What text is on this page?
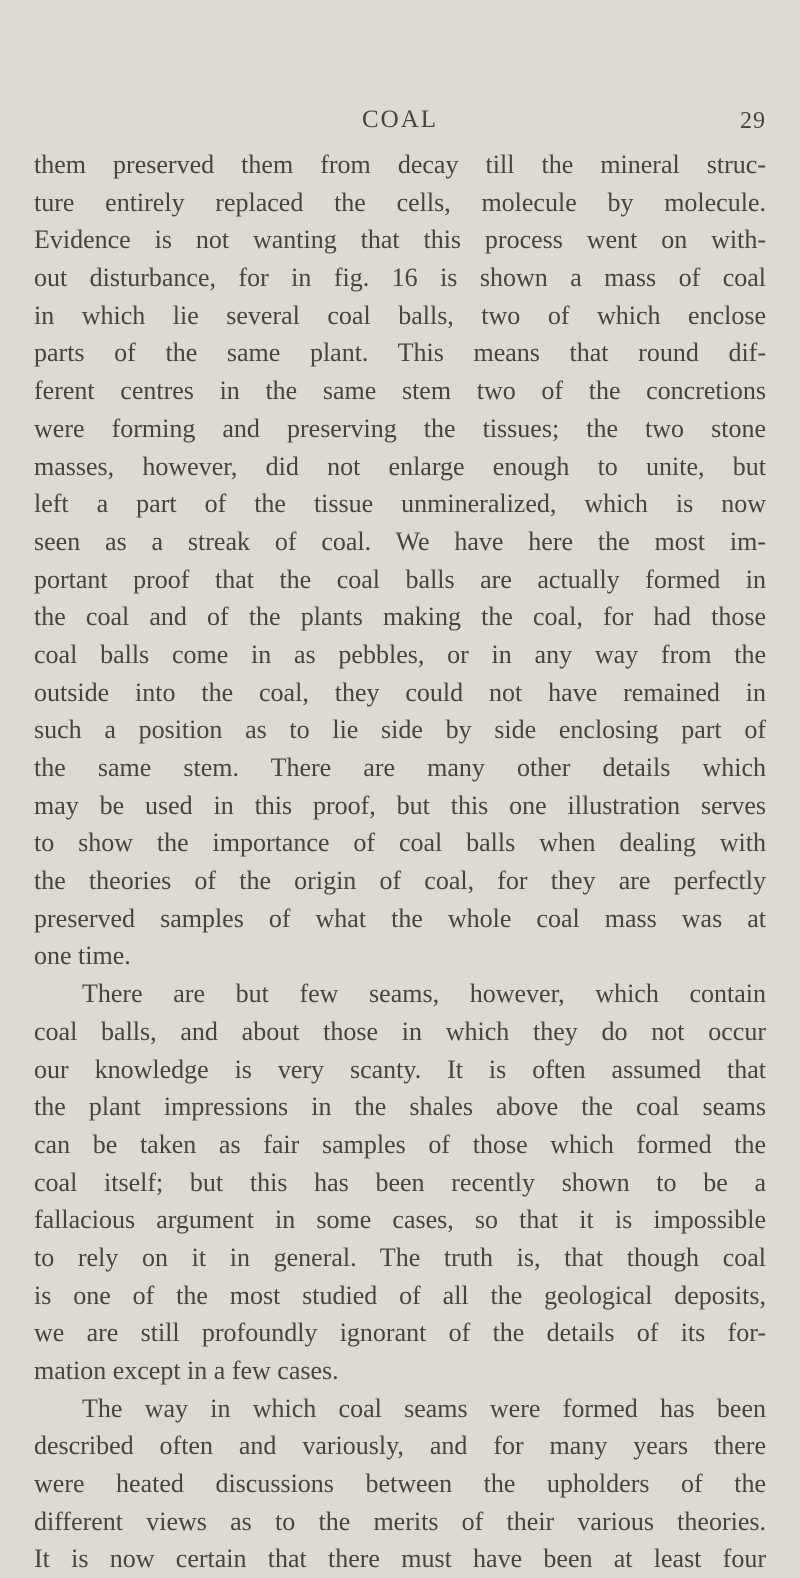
COAL	29
them preserved them from decay till the mineral struc-
ture entirely replaced the cells, molecule by molecule.
Evidence is not wanting that this process went on with-
out disturbance, for in fig. 16 is shown a mass of coal
in which lie several coal balls, two of which enclose
parts of the same plant. This means that round dif-
ferent centres in the same stem two of the concretions
were forming and preserving the tissues; the two stone
masses, however, did not enlarge enough to unite, but
left a part of the tissue unmineralized, which is now
seen as a streak of coal. We have here the most im-
portant proof that the coal balls are actually formed in
the coal and of the plants making the coal, for had those
coal balls come in as pebbles, or in any way from the
outside into the coal, they could not have remained in
such a position as to lie side by side enclosing part of
the same stem. There are many other details which
may be used in this proof, but this one illustration serves
to show the importance of coal balls when dealing with
the theories of the origin of coal, for they are perfectly
preserved samples of what the whole coal mass was at
one time.
There are but few seams, however, which contain
coal balls, and about those in which they do not occur
our knowledge is very scanty. It is often assumed that
the plant impressions in the shales above the coal seams
can be taken as fair samples of those which formed the
coal itself; but this has been recently shown to be a
fallacious argument in some cases, so that it is impossible
to rely on it in general. The truth is, that though coal
is one of the most studied of all the geological deposits,
we are still profoundly ignorant of the details of its for-
mation except in a few cases.
The way in which coal seams were formed has been
described often and variously, and for many years there
were heated discussions between the upholders of the
different views as to the merits of their various theories.
It is now certain that there must have been at least four
